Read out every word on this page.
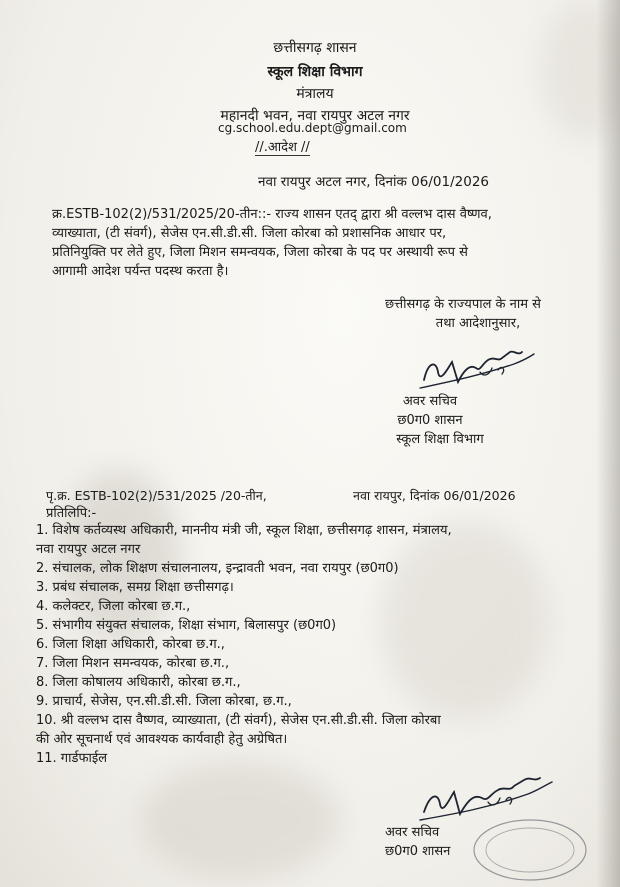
छत्तीसगढ़ शासन
स्कूल शिक्षा विभाग
मंत्रालय
महानदी भवन, नवा रायपुर अटल नगर
cg.school.edu.dept@gmail.com
//.आदेश //
नवा रायपुर अटल नगर, दिनांक 06/01/2026
क्र.ESTB-102(2)/531/2025/20-तीन::- राज्य शासन एतद् द्वारा श्री वल्लभ दास वैष्णव,
व्याख्याता, (टी संवर्ग), सेजेस एन.सी.डी.सी. जिला कोरबा को प्रशासनिक आधार पर,
प्रतिनियुक्ति पर लेते हुए, जिला मिशन समन्वयक, जिला कोरबा के पद पर अस्थायी रूप से
आगामी आदेश पर्यन्त पदस्थ करता है।
छत्तीसगढ़ के राज्यपाल के नाम से
तथा आदेशानुसार,
अवर सचिव
छ0ग0 शासन
स्कूल शिक्षा विभाग
पृ.क्र. ESTB-102(2)/531/2025 /20-तीन,	नवा रायपुर, दिनांक 06/01/2026
प्रतिलिपि:-
1. विशेष कर्तव्यस्थ अधिकारी, माननीय मंत्री जी, स्कूल शिक्षा, छत्तीसगढ़ शासन, मंत्रालय,
नवा रायपुर अटल नगर
2. संचालक, लोक शिक्षण संचालनालय, इन्द्रावती भवन, नवा रायपुर (छ0ग0)
3. प्रबंध संचालक, समग्र शिक्षा छत्तीसगढ़।
4. कलेक्टर, जिला कोरबा छ.ग.,
5. संभागीय संयुक्त संचालक, शिक्षा संभाग, बिलासपुर (छ0ग0)
6. जिला शिक्षा अधिकारी, कोरबा छ.ग.,
7. जिला मिशन समन्वयक, कोरबा छ.ग.,
8. जिला कोषालय अधिकारी, कोरबा छ.ग.,
9. प्राचार्य, सेजेस, एन.सी.डी.सी. जिला कोरबा, छ.ग.,
10. श्री वल्लभ दास वैष्णव, व्याख्याता, (टी संवर्ग), सेजेस एन.सी.डी.सी. जिला कोरबा
की ओर सूचनार्थ एवं आवश्यक कार्यवाही हेतु अग्रेषित।
11. गार्डफाईल
अवर सचिव
छ0ग0 शासन
